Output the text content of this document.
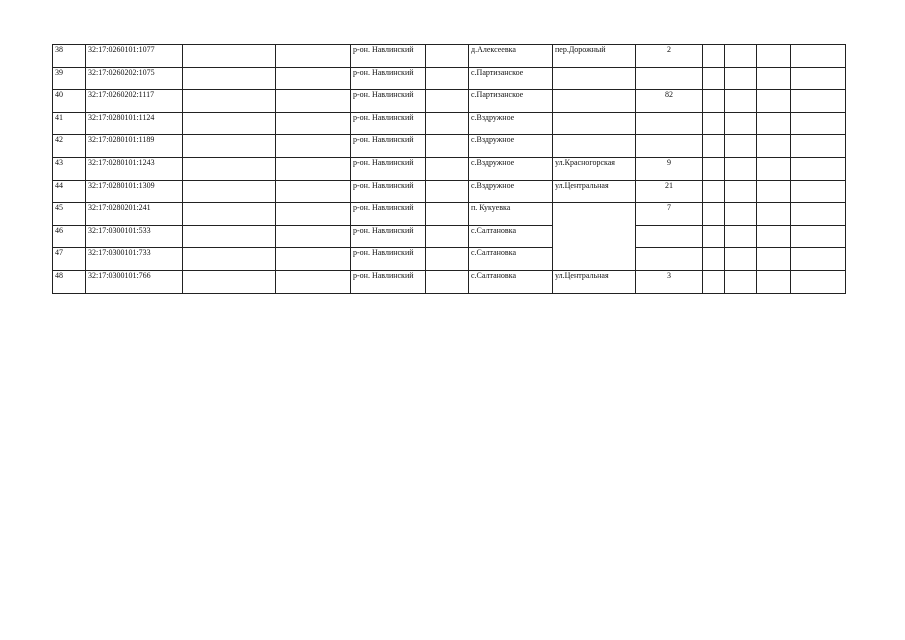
38	32:17:0260101:1077			р-он. Навлинский		д.Алексеевка	пер.Дорожный	2				
39	32:17:0260202:1075			р-он. Навлинский		с.Партизанское						
40	32:17:0260202:1117			р-он. Навлинский		с.Партизанское		82				
41	32:17:0280101:1124			р-он. Навлинский		с.Вздружное						
42	32:17:0280101:1189			р-он. Навлинский		с.Вздружное						
43	32:17:0280101:1243			р-он. Навлинский		с.Вздружное	ул.Красногорская	9				
44	32:17:0280101:1309			р-он. Навлинский		с.Вздружное	ул.Центральная	21				
45	32:17:0280201:241			р-он. Навлинский		п. Кукуевка		7				
46	32:17:0300101:533			р-он. Навлинский		с.Салтановка						
47	32:17:0300101:733			р-он. Навлинский		с.Салтановка						
48	32:17:0300101:766			р-он. Навлинский		с.Салтановка	ул.Центральная	3				
